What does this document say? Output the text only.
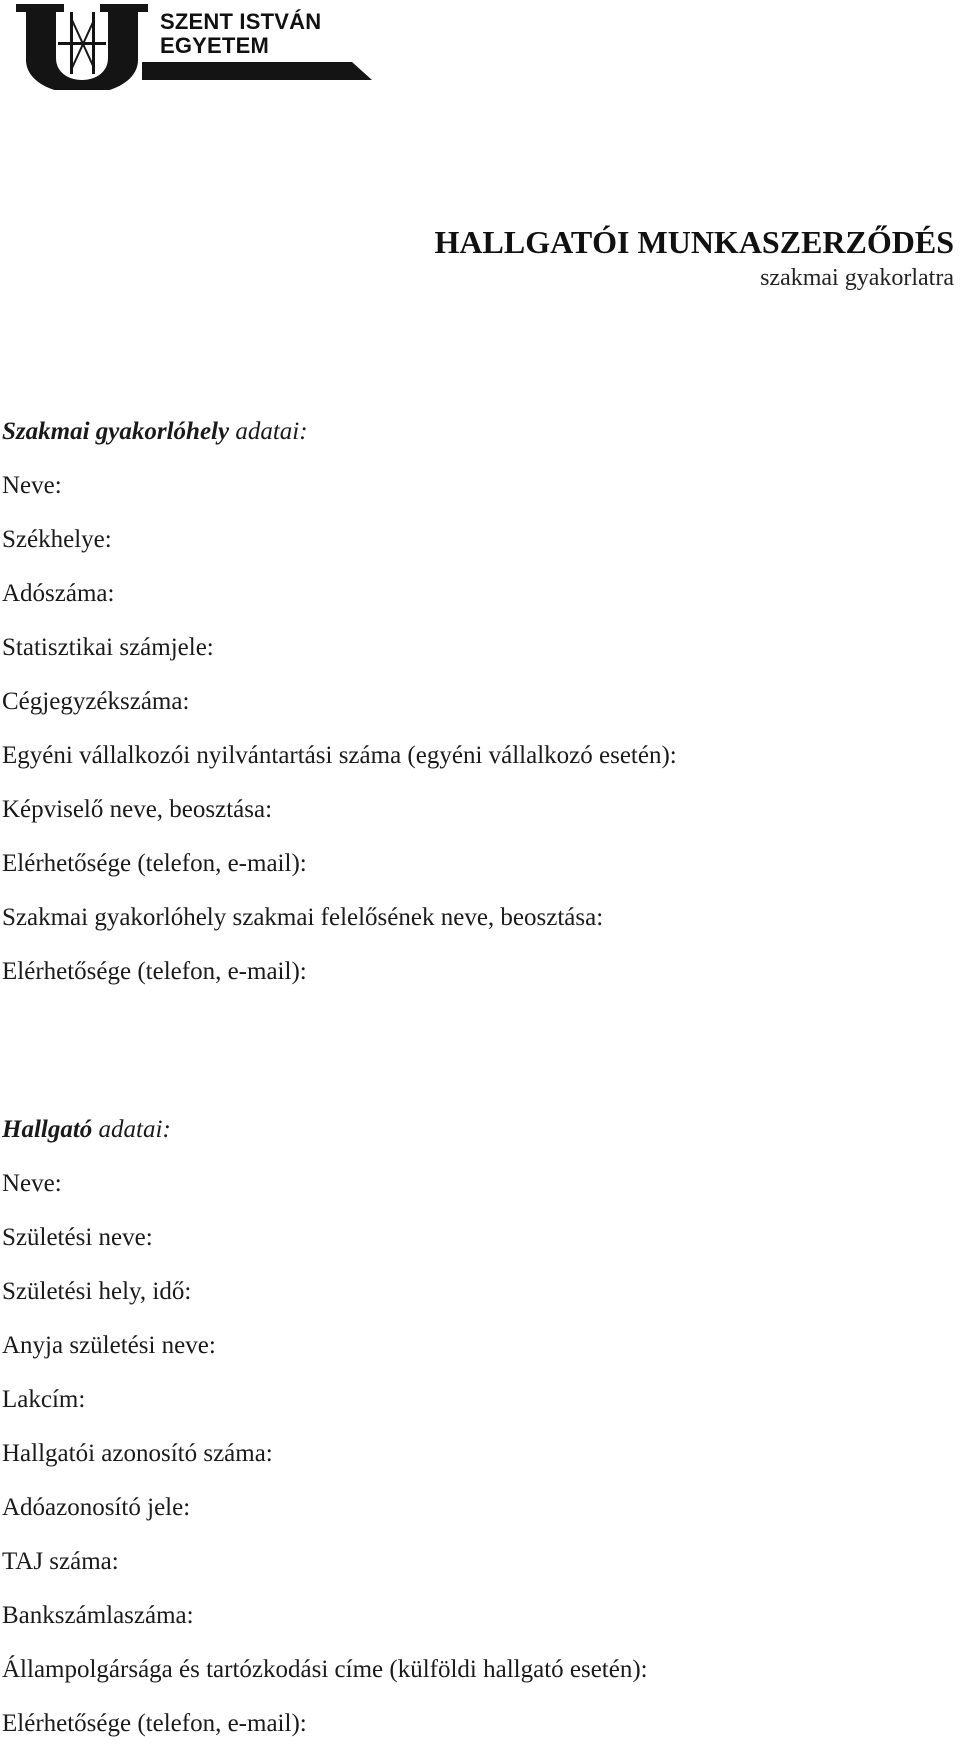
SZENT ISTVÁN
EGYETEM
HALLGATÓI MUNKASZERZŐDÉS
szakmai gyakorlatra
Szakmai gyakorlóhely adatai:
Neve:
Székhelye:
Adószáma:
Statisztikai számjele:
Cégjegyzékszáma:
Egyéni vállalkozói nyilvántartási száma (egyéni vállalkozó esetén):
Képviselő neve, beosztása:
Elérhetősége (telefon, e-mail):
Szakmai gyakorlóhely szakmai felelősének neve, beosztása:
Elérhetősége (telefon, e-mail):
Hallgató adatai:
Neve:
Születési neve:
Születési hely, idő:
Anyja születési neve:
Lakcím:
Hallgatói azonosító száma:
Adóazonosító jele:
TAJ száma:
Bankszámlaszáma:
Állampolgársága és tartózkodási címe (külföldi hallgató esetén):
Elérhetősége (telefon, e-mail):
